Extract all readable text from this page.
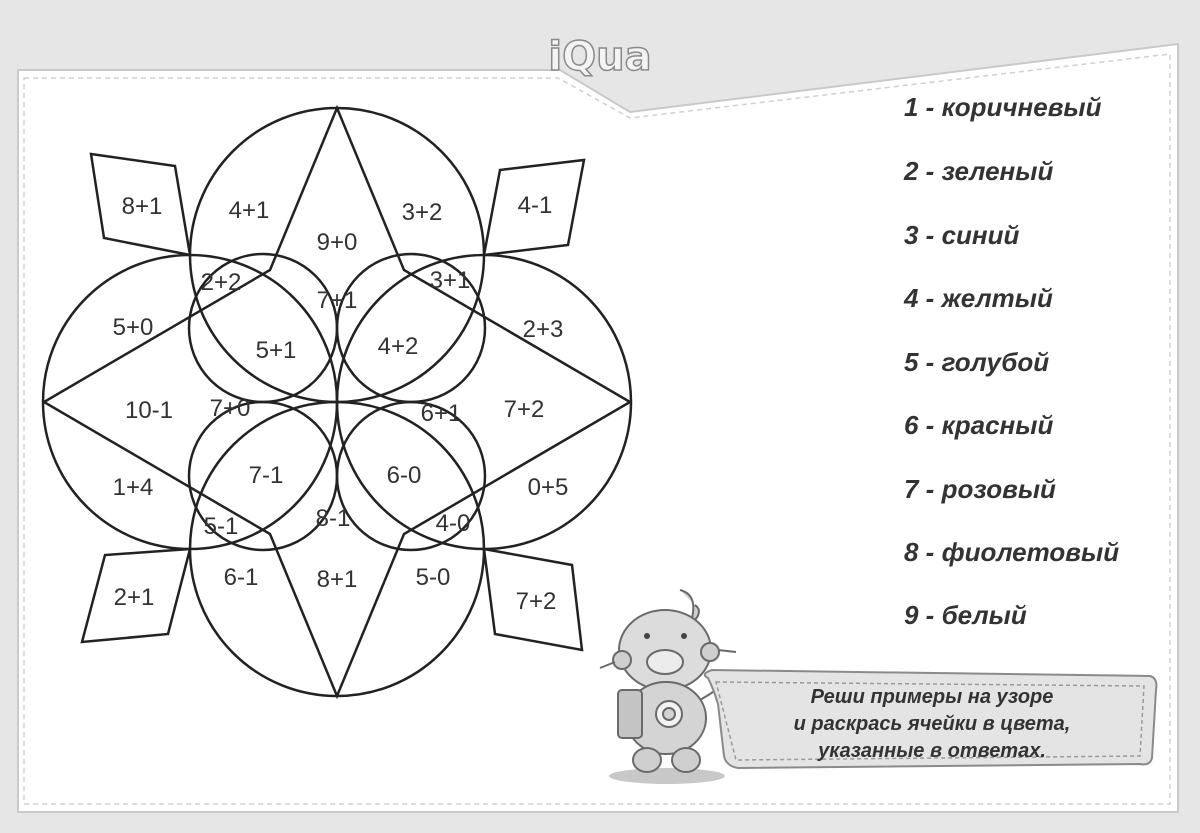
iQua
8+1	4+1
9+0
3+2	4-1
2+2
7+1
3+1
5+0
5+1	4+2
2+3
10-1 7+0	6+1 7+2
1+4	7-1	6-0	0+5
5-1	8-1	4-0
2+1
6-1 8+1 5-0
7+2
1 - коричневый
2 - зеленый
3 - синий
4 - желтый
5 - голубой
6 - красный
7 - розовый
8 - фиолетовый
9 - белый
Реши примеры на узоре
и раскрась ячейки в цвета,
указанные в ответах.
